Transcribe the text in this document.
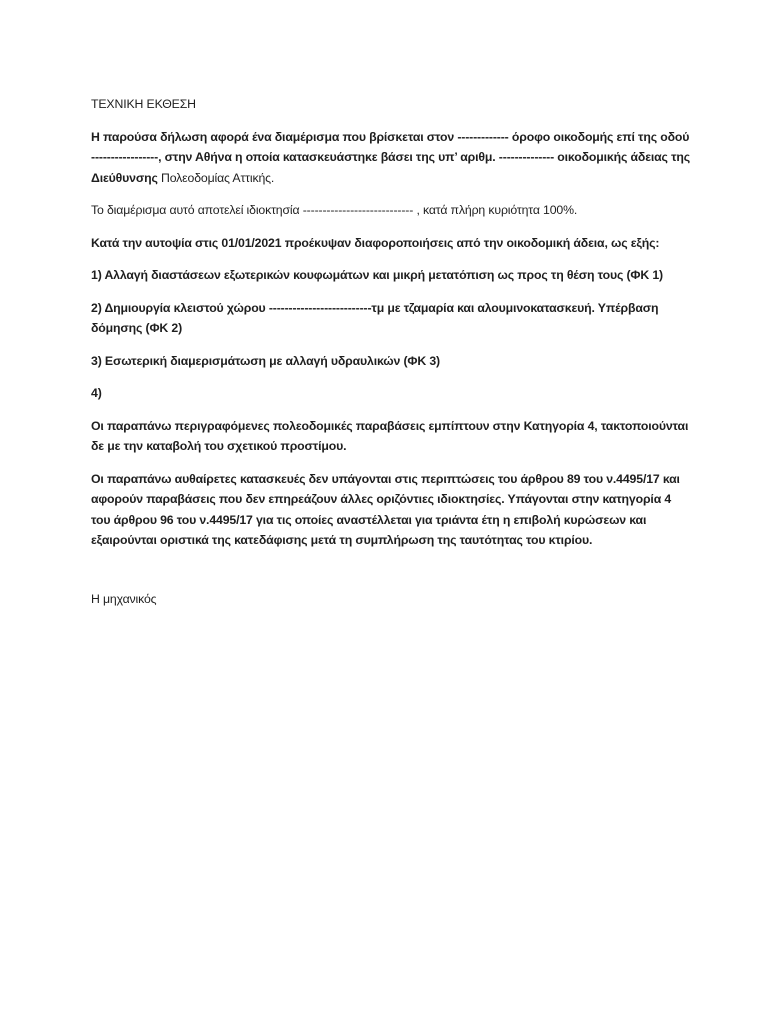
ΤΕΧΝΙΚΗ ΕΚΘΕΣΗ

Η παρούσα δήλωση αφορά ένα διαμέρισμα που βρίσκεται στον ------------- όροφο οικοδομής επί της οδού -----------------, στην Αθήνα η οποία κατασκευάστηκε βάσει της υπ’ αριθμ. -------------- οικοδομικής άδειας της Διεύθυνσης Πολεοδομίας Αττικής.

Το διαμέρισμα αυτό αποτελεί ιδιοκτησία ---------------------------- , κατά πλήρη κυριότητα 100%.

Κατά την αυτοψία στις 01/01/2021 προέκυψαν διαφοροποιήσεις από την οικοδομική άδεια, ως εξής:

1) Αλλαγή διαστάσεων εξωτερικών κουφωμάτων και μικρή μετατόπιση ως προς τη θέση τους (ΦΚ 1)

2) Δημιουργία κλειστού χώρου --------------------------τμ με τζαμαρία και αλουμινοκατασκευή. Υπέρβαση δόμησης (ΦΚ 2)

3) Εσωτερική διαμερισμάτωση με αλλαγή υδραυλικών (ΦΚ 3)

4)

Οι παραπάνω περιγραφόμενες πολεοδομικές παραβάσεις εμπίπτουν στην Κατηγορία 4, τακτοποιούνται δε με την καταβολή του σχετικού προστίμου.

Οι παραπάνω αυθαίρετες κατασκευές δεν υπάγονται στις περιπτώσεις του άρθρου 89 του ν.4495/17 και αφορούν παραβάσεις που δεν επηρεάζουν άλλες οριζόντιες ιδιοκτησίες. Υπάγονται στην κατηγορία 4 του άρθρου 96 του ν.4495/17 για τις οποίες αναστέλλεται για τριάντα έτη η επιβολή κυρώσεων και εξαιρούνται οριστικά της κατεδάφισης μετά τη συμπλήρωση της ταυτότητας του κτιρίου.

Η μηχανικός
